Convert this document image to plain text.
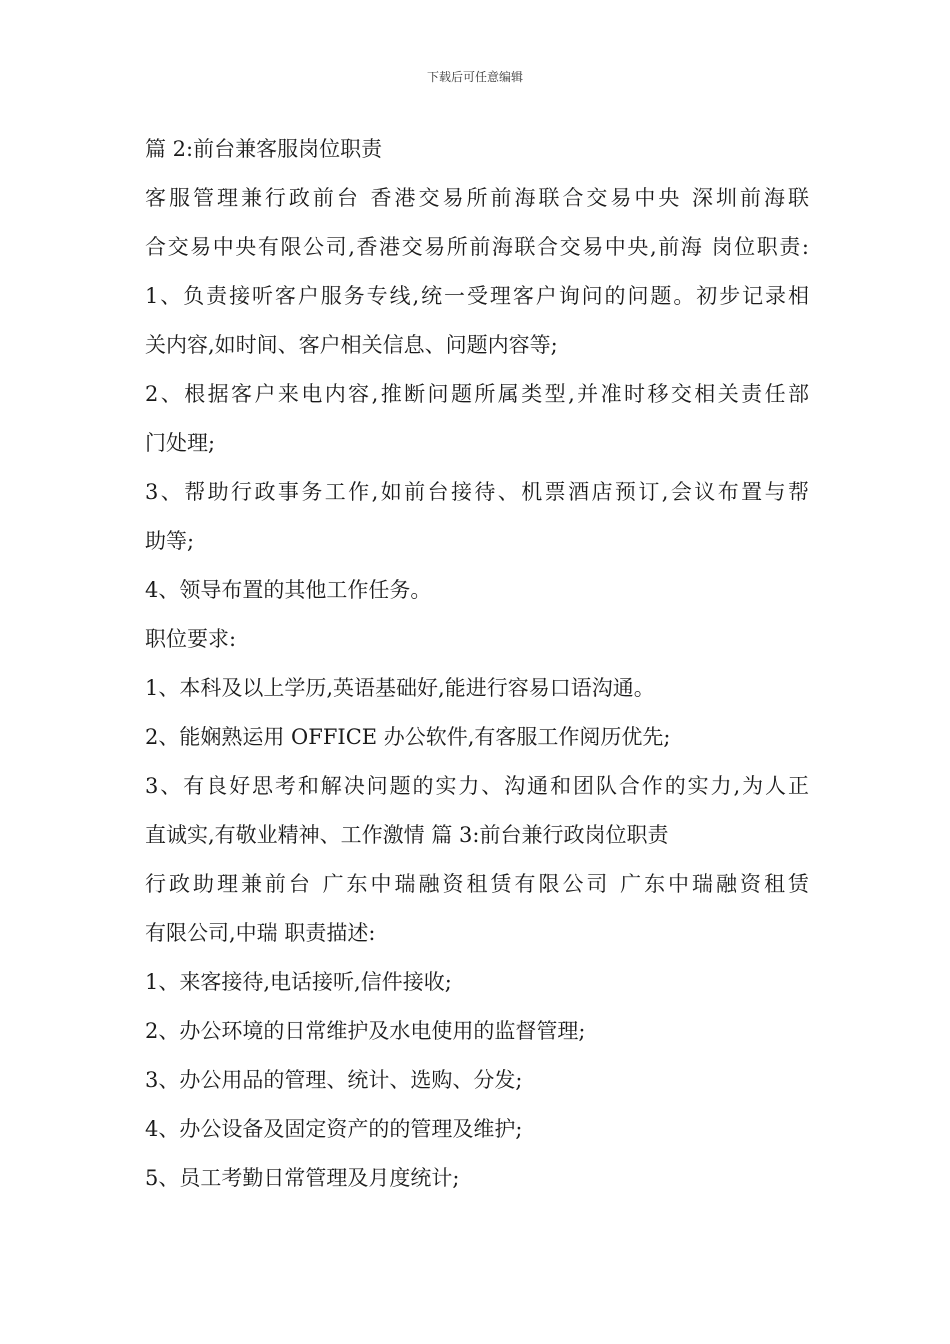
下载后可任意编辑
篇 2:前台兼客服岗位职责
客服管理兼行政前台 香港交易所前海联合交易中央 深圳前海联
合交易中央有限公司,香港交易所前海联合交易中央,前海 岗位职责:
1、负责接听客户服务专线,统一受理客户询问的问题。初步记录相
关内容,如时间、客户相关信息、问题内容等;
2、根据客户来电内容,推断问题所属类型,并准时移交相关责任部
门处理;
3、帮助行政事务工作,如前台接待、机票酒店预订,会议布置与帮
助等;
4、领导布置的其他工作任务。
职位要求:
1、本科及以上学历,英语基础好,能进行容易口语沟通。
2、能娴熟运用 OFFICE 办公软件,有客服工作阅历优先;
3、有良好思考和解决问题的实力、沟通和团队合作的实力,为人正
直诚实,有敬业精神、工作激情 篇 3:前台兼行政岗位职责
行政助理兼前台 广东中瑞融资租赁有限公司 广东中瑞融资租赁
有限公司,中瑞 职责描述:
1、来客接待,电话接听,信件接收;
2、办公环境的日常维护及水电使用的监督管理;
3、办公用品的管理、统计、选购、分发;
4、办公设备及固定资产的的管理及维护;
5、员工考勤日常管理及月度统计;
